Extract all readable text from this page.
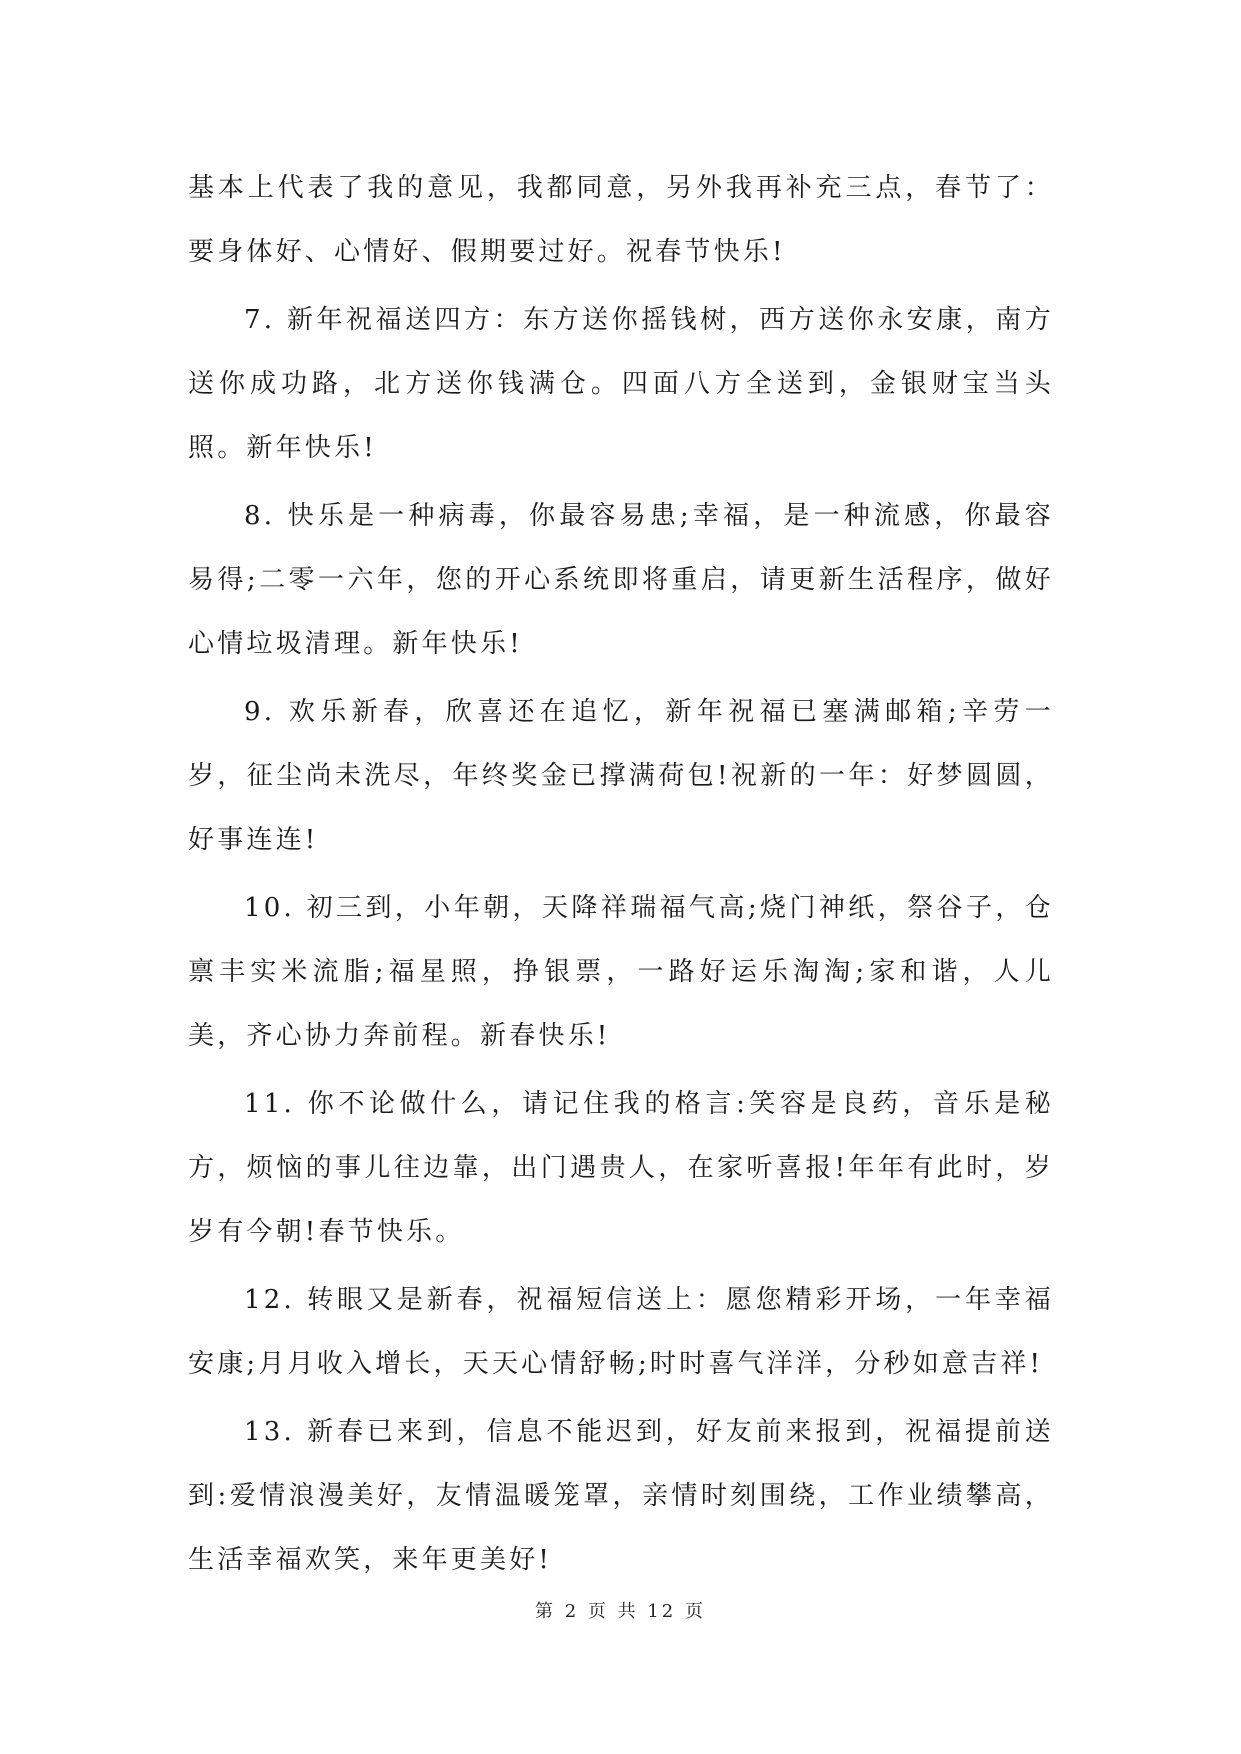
基本上代表了我的意见，我都同意，另外我再补充三点，春节了：要身体好、心情好、假期要过好。祝春节快乐!

7. 新年祝福送四方：东方送你摇钱树，西方送你永安康，南方送你成功路，北方送你钱满仓。四面八方全送到，金银财宝当头照。新年快乐!

8. 快乐是一种病毒，你最容易患;幸福，是一种流感，你最容易得;二零一六年，您的开心系统即将重启，请更新生活程序，做好心情垃圾清理。新年快乐!

9. 欢乐新春，欣喜还在追忆，新年祝福已塞满邮箱;辛劳一岁，征尘尚未洗尽，年终奖金已撑满荷包!祝新的一年：好梦圆圆，好事连连!

10. 初三到，小年朝，天降祥瑞福气高;烧门神纸，祭谷子，仓禀丰实米流脂;福星照，挣银票，一路好运乐淘淘;家和谐，人儿美，齐心协力奔前程。新春快乐!

11. 你不论做什么，请记住我的格言:笑容是良药，音乐是秘方，烦恼的事儿往边靠，出门遇贵人，在家听喜报!年年有此时，岁岁有今朝!春节快乐。

12. 转眼又是新春，祝福短信送上：愿您精彩开场，一年幸福安康;月月收入增长，天天心情舒畅;时时喜气洋洋，分秒如意吉祥!

13. 新春已来到，信息不能迟到，好友前来报到，祝福提前送到:爱情浪漫美好，友情温暖笼罩，亲情时刻围绕，工作业绩攀高，生活幸福欢笑，来年更美好!

第 2 页 共 12 页
